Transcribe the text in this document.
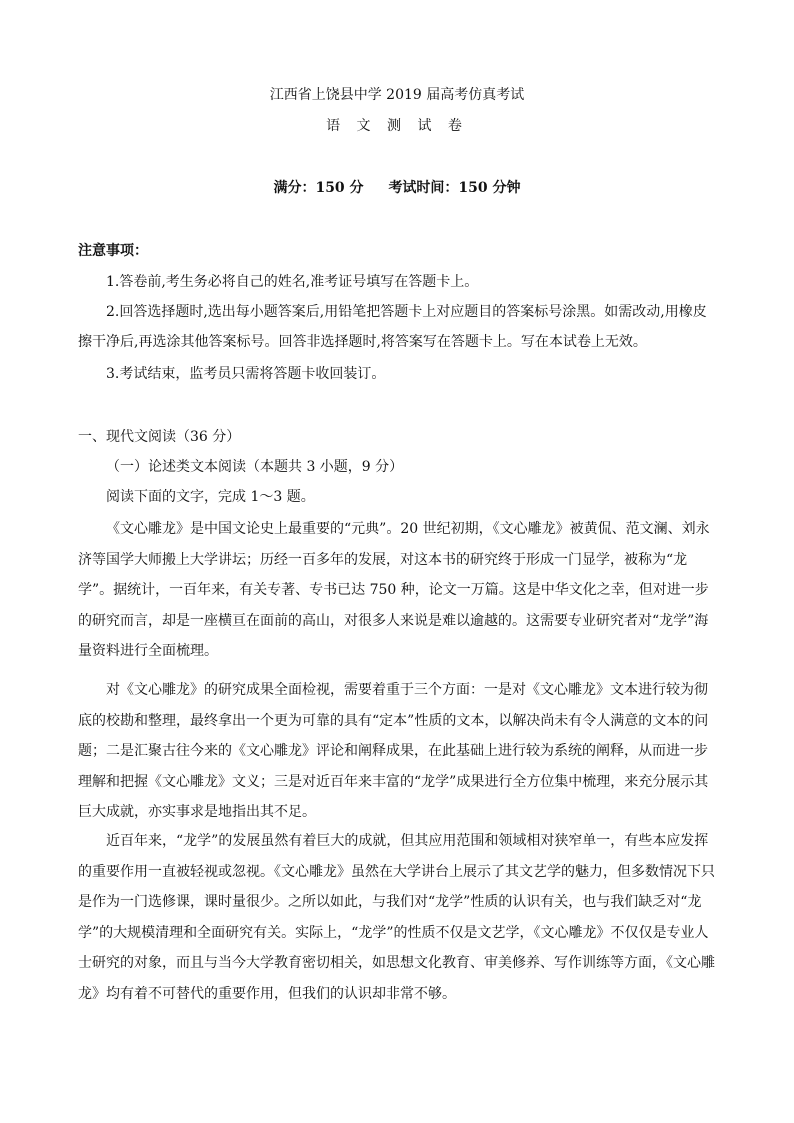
江西省上饶县中学 2019 届高考仿真考试
语 文 测 试 卷
满分：150 分 考试时间：150 分钟
注意事项：

1.答卷前,考生务必将自己的姓名,准考证号填写在答题卡上。

2.回答选择题时,选出每小题答案后,用铅笔把答题卡上对应题目的答案标号涂黑。如需改动,用橡皮擦干净后,再选涂其他答案标号。回答非选择题时,将答案写在答题卡上。写在本试卷上无效。

3.考试结束，监考员只需将答题卡收回装订。

一、现代文阅读（36 分）
（一）论述类文本阅读（本题共 3 小题，9 分）
阅读下面的文字，完成 1～3 题。

《文心雕龙》是中国文论史上最重要的“元典”。20 世纪初期，《文心雕龙》被黄侃、范文澜、刘永济等国学大师搬上大学讲坛；历经一百多年的发展，对这本书的研究终于形成一门显学，被称为“龙学”。据统计，一百年来，有关专著、专书已达 750 种，论文一万篇。这是中华文化之幸，但对进一步的研究而言，却是一座横亘在面前的高山，对很多人来说是难以逾越的。这需要专业研究者对“龙学”海量资料进行全面梳理。

对《文心雕龙》的研究成果全面检视，需要着重于三个方面：一是对《文心雕龙》文本进行较为彻底的校勘和整理，最终拿出一个更为可靠的具有“定本”性质的文本，以解决尚未有令人满意的文本的问题；二是汇聚古往今来的《文心雕龙》评论和阐释成果，在此基础上进行较为系统的阐释，从而进一步理解和把握《文心雕龙》文义；三是对近百年来丰富的“龙学”成果进行全方位集中梳理，来充分展示其巨大成就，亦实事求是地指出其不足。

近百年来，“龙学”的发展虽然有着巨大的成就，但其应用范围和领域相对狭窄单一，有些本应发挥的重要作用一直被轻视或忽视。《文心雕龙》虽然在大学讲台上展示了其文艺学的魅力，但多数情况下只是作为一门选修课，课时量很少。之所以如此，与我们对“龙学”性质的认识有关，也与我们缺乏对“龙学”的大规模清理和全面研究有关。实际上，“龙学”的性质不仅是文艺学，《文心雕龙》不仅仅是专业人士研究的对象，而且与当今大学教育密切相关，如思想文化教育、审美修养、写作训练等方面，《文心雕龙》均有着不可替代的重要作用，但我们的认识却非常不够。
